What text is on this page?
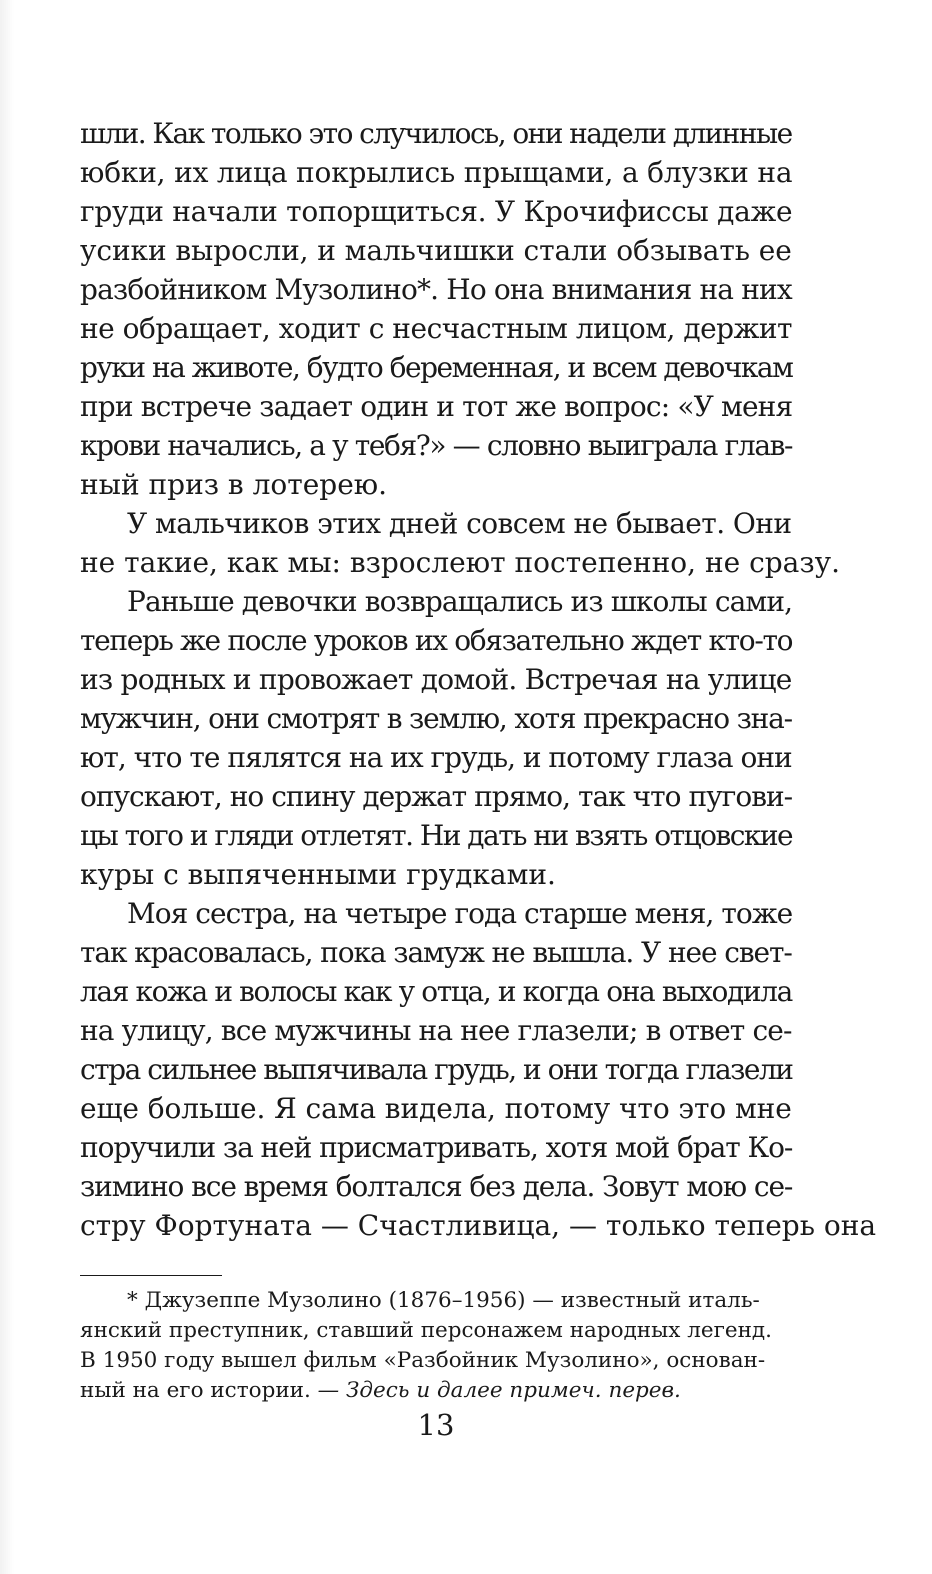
шли. Как только это случилось, они надели длинные
юбки, их лица покрылись прыщами, а блузки на
груди начали топорщиться. У Крочифиссы даже
усики выросли, и мальчишки стали обзывать ее
разбойником Музолино*. Но она внимания на них
не обращает, ходит с несчастным лицом, держит
руки на животе, будто беременная, и всем девочкам
при встрече задает один и тот же вопрос: «У меня
крови начались, а у тебя?» — словно выиграла глав-
ный приз в лотерею.
У мальчиков этих дней совсем не бывает. Они
не такие, как мы: взрослеют постепенно, не сразу.
Раньше девочки возвращались из школы сами,
теперь же после уроков их обязательно ждет кто-то
из родных и провожает домой. Встречая на улице
мужчин, они смотрят в землю, хотя прекрасно зна-
ют, что те пялятся на их грудь, и потому глаза они
опускают, но спину держат прямо, так что пугови-
цы того и гляди отлетят. Ни дать ни взять отцовские
куры с выпяченными грудками.
Моя сестра, на четыре года старше меня, тоже
так красовалась, пока замуж не вышла. У нее свет-
лая кожа и волосы как у отца, и когда она выходила
на улицу, все мужчины на нее глазели; в ответ се-
стра сильнее выпячивала грудь, и они тогда глазели
еще больше. Я сама видела, потому что это мне
поручили за ней присматривать, хотя мой брат Ко-
зимино все время болтался без дела. Зовут мою се-
стру Фортуната — Счастливица, — только теперь она
* Джузеппе Музолино (1876–1956) — известный италь-
янский преступник, ставший персонажем народных легенд.
В 1950 году вышел фильм «Разбойник Музолино», основан-
ный на его истории. — Здесь и далее примеч. перев.
13
